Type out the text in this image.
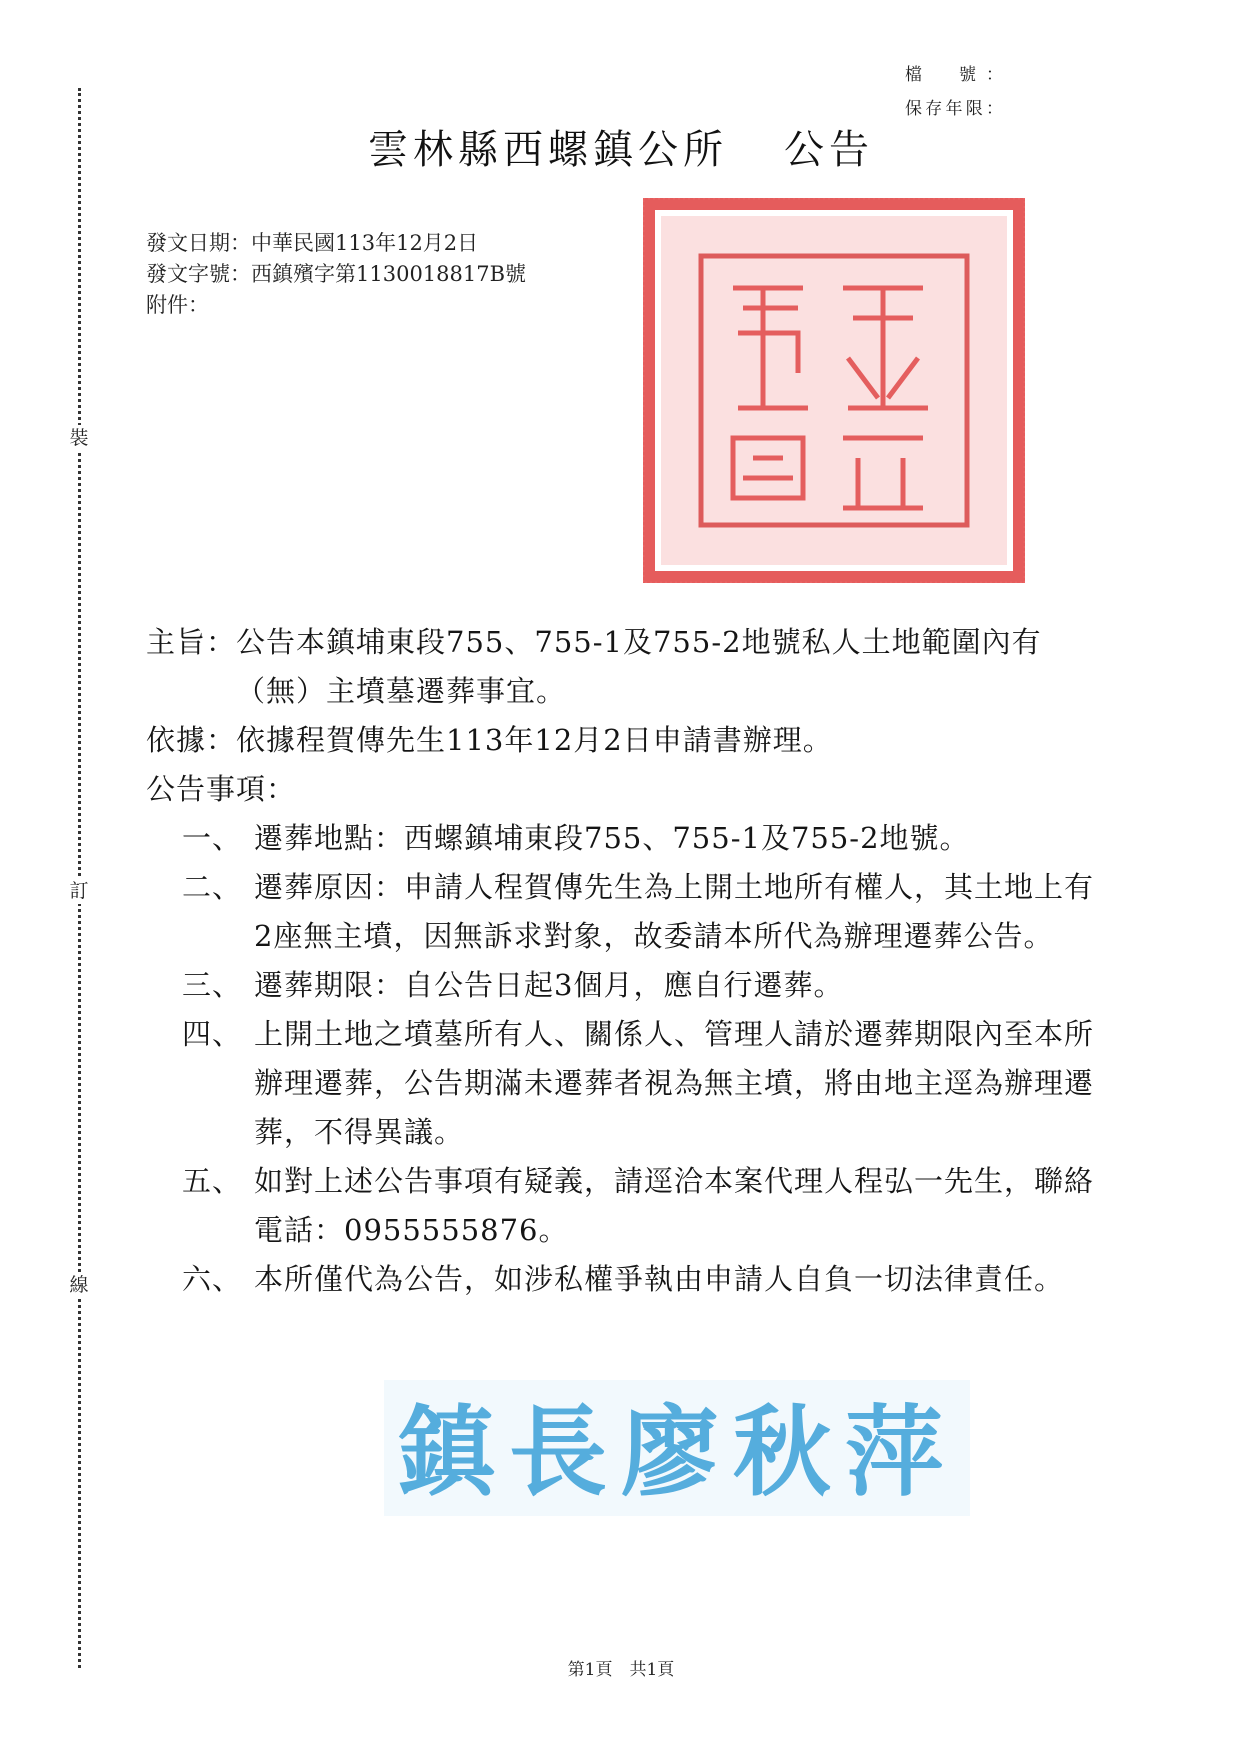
裝
訂
線
檔　號：
保存年限：
雲林縣西螺鎮公所 公告
發文日期：中華民國113年12月2日
發文字號：西鎮殯字第1130018817B號
附件：
主旨： 公告本鎮埔東段755、755-1及755-2地號私人土地範圍內有（無）主墳墓遷葬事宜。
依據： 依據程賀傳先生113年12月2日申請書辦理。
公告事項：
一、 遷葬地點：西螺鎮埔東段755、755-1及755-2地號。
二、 遷葬原因：申請人程賀傳先生為上開土地所有權人，其土地上有2座無主墳，因無訴求對象，故委請本所代為辦理遷葬公告。
三、 遷葬期限：自公告日起3個月，應自行遷葬。
四、 上開土地之墳墓所有人、關係人、管理人請於遷葬期限內至本所辦理遷葬，公告期滿未遷葬者視為無主墳，將由地主逕為辦理遷葬，不得異議。
五、 如對上述公告事項有疑義，請逕洽本案代理人程弘一先生，聯絡電話：0955555876。
六、 本所僅代為公告，如涉私權爭執由申請人自負一切法律責任。
鎮長廖秋萍
第1頁　共1頁
